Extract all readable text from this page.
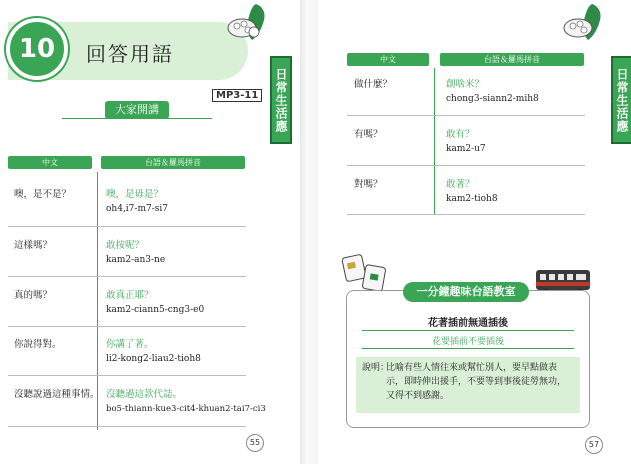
10	回答用語
日常生活應用篇
MP3-11
大家開講
中文	台語＆羅馬拼音
噢，是不是？	噢，是毋是？
oh4,i7-m7-si7
這樣嗎？	敢按呢？
kam2-an3-ne
真的嗎？	敢真正耶？
kam2-ciann5-cng3-e0
你說得對。	你講了著。
li2-kong2-liau2-tioh8
沒聽說過這種事情。 沒聽過這款代誌。
bo5-thiann-kue3-cit4-khuan2-tai7-ci3
55
日常生活應用篇
中文	台語＆羅馬拼音
做什麼？	創啥米？
chong3-siann2-mih8
有嗎？	敢有？
kam2-u7
對嗎？	敢著？
kam2-tioh8
一分鐘趣味台語教室
花著插前無通插後
花要插前不要插後
說明：
比喻有些人情往來或幫忙別人，要早點做表示，即時伸出援手，不要等到事後徒勞無功，又得不到感謝。
57
